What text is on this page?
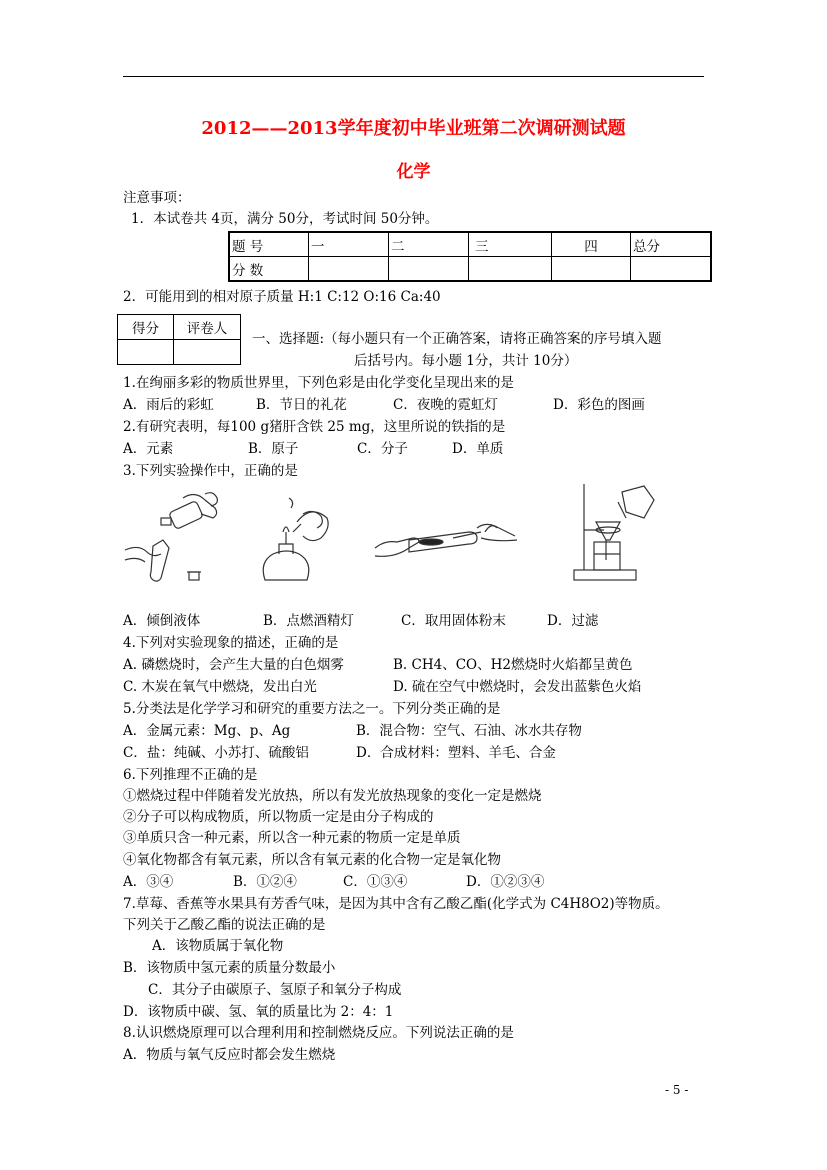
2012——2013学年度初中毕业班第二次调研测试题
化学
注意事项：
1．本试卷共 4页，满分 50分，考试时间 50分钟。
题 号	一	二	三	四	总分
分 数					
2．可能用到的相对原子质量 H:1 C:12 O:16 Ca:40
得分	评卷人

一、选择题:（每小题只有一个正确答案，请将正确答案的序号填入题
后括号内。每小题 1分，共计 10分）
1.在绚丽多彩的物质世界里，下列色彩是由化学变化呈现出来的是
A．雨后的彩虹	B．节日的礼花	C．夜晚的霓虹灯	D．彩色的图画
2.有研究表明，每100 g猪肝含铁 25 mg，这里所说的铁指的是
A．元素	B．原子	C．分子	D．单质
3.下列实验操作中，正确的是
A．倾倒液体	B．点燃酒精灯	C．取用固体粉末	D．过滤
4.下列对实验现象的描述，正确的是
A. 磷燃烧时，会产生大量的白色烟雾	B. CH4、CO、H2燃烧时火焰都呈黄色
C. 木炭在氧气中燃烧，发出白光	D. 硫在空气中燃烧时，会发出蓝紫色火焰
5.分类法是化学学习和研究的重要方法之一。下列分类正确的是
A．金属元素：Mg、p、Ag	B．混合物：空气、石油、冰水共存物
C．盐：纯碱、小苏打、硫酸铝	D．合成材料：塑料、羊毛、合金
6.下列推理不正确的是
①燃烧过程中伴随着发光放热，所以有发光放热现象的变化一定是燃烧
②分子可以构成物质，所以物质一定是由分子构成的
③单质只含一种元素，所以含一种元素的物质一定是单质
④氧化物都含有氧元素，所以含有氧元素的化合物一定是氧化物
A．③④	B．①②④	C．①③④	D．①②③④
7.草莓、香蕉等水果具有芳香气味，是因为其中含有乙酸乙酯(化学式为 C4H8O2)等物质。
下列关于乙酸乙酯的说法正确的是
A．该物质属于氧化物
B．该物质中氢元素的质量分数最小
C．其分子由碳原子、氢原子和氧分子构成
D．该物质中碳、氢、氧的质量比为 2：4：1
8.认识燃烧原理可以合理利用和控制燃烧反应。下列说法正确的是
A．物质与氧气反应时都会发生燃烧
- 5 -
